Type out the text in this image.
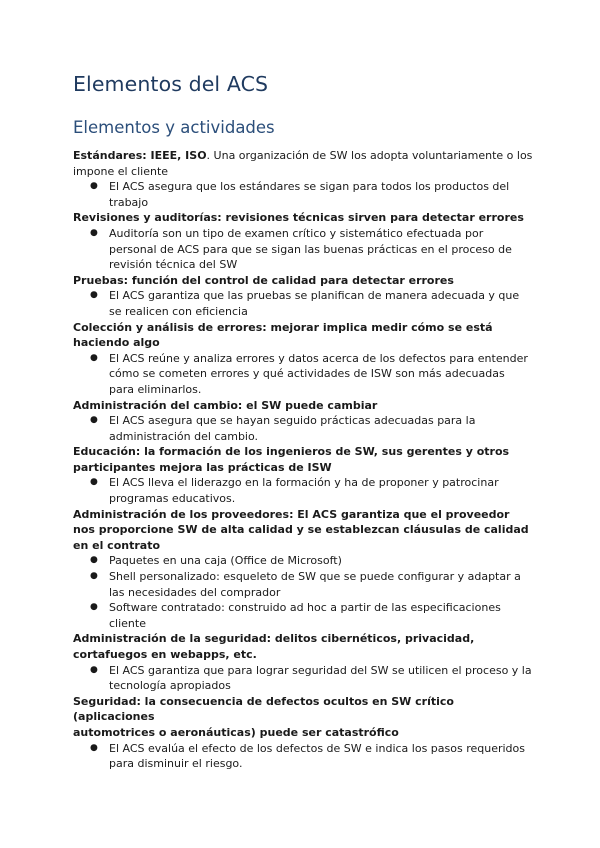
Elementos del ACS
Elementos y actividades

Estándares: IEEE, ISO. Una organización de SW los adopta voluntariamente o los impone el cliente

● El ACS asegura que los estándares se sigan para todos los productos del trabajo

Revisiones y auditorías: revisiones técnicas sirven para detectar errores

● Auditoría son un tipo de examen crítico y sistemático efectuada por personal de ACS para que se sigan las buenas prácticas en el proceso de revisión técnica del SW

Pruebas: función del control de calidad para detectar errores

● El ACS garantiza que las pruebas se planifican de manera adecuada y que se realicen con eficiencia

Colección y análisis de errores: mejorar implica medir cómo se está haciendo algo

● El ACS reúne y analiza errores y datos acerca de los defectos para entender cómo se cometen errores y qué actividades de ISW son más adecuadas para eliminarlos.

Administración del cambio: el SW puede cambiar

● El ACS asegura que se hayan seguido prácticas adecuadas para la administración del cambio.

Educación: la formación de los ingenieros de SW, sus gerentes y otros participantes mejora las prácticas de ISW

● El ACS lleva el liderazgo en la formación y ha de proponer y patrocinar programas educativos.

Administración de los proveedores: El ACS garantiza que el proveedor nos proporcione SW de alta calidad y se establezcan cláusulas de calidad en el contrato

● Paquetes en una caja (Office de Microsoft)
● Shell personalizado: esqueleto de SW que se puede configurar y adaptar a las necesidades del comprador
● Software contratado: construido ad hoc a partir de las especificaciones cliente

Administración de la seguridad: delitos cibernéticos, privacidad, cortafuegos en webapps, etc.

● El ACS garantiza que para lograr seguridad del SW se utilicen el proceso y la tecnología apropiados

Seguridad: la consecuencia de defectos ocultos en SW crítico (aplicaciones
automotrices o aeronáuticas) puede ser catastrófico

● El ACS evalúa el efecto de los defectos de SW e indica los pasos requeridos para disminuir el riesgo.
